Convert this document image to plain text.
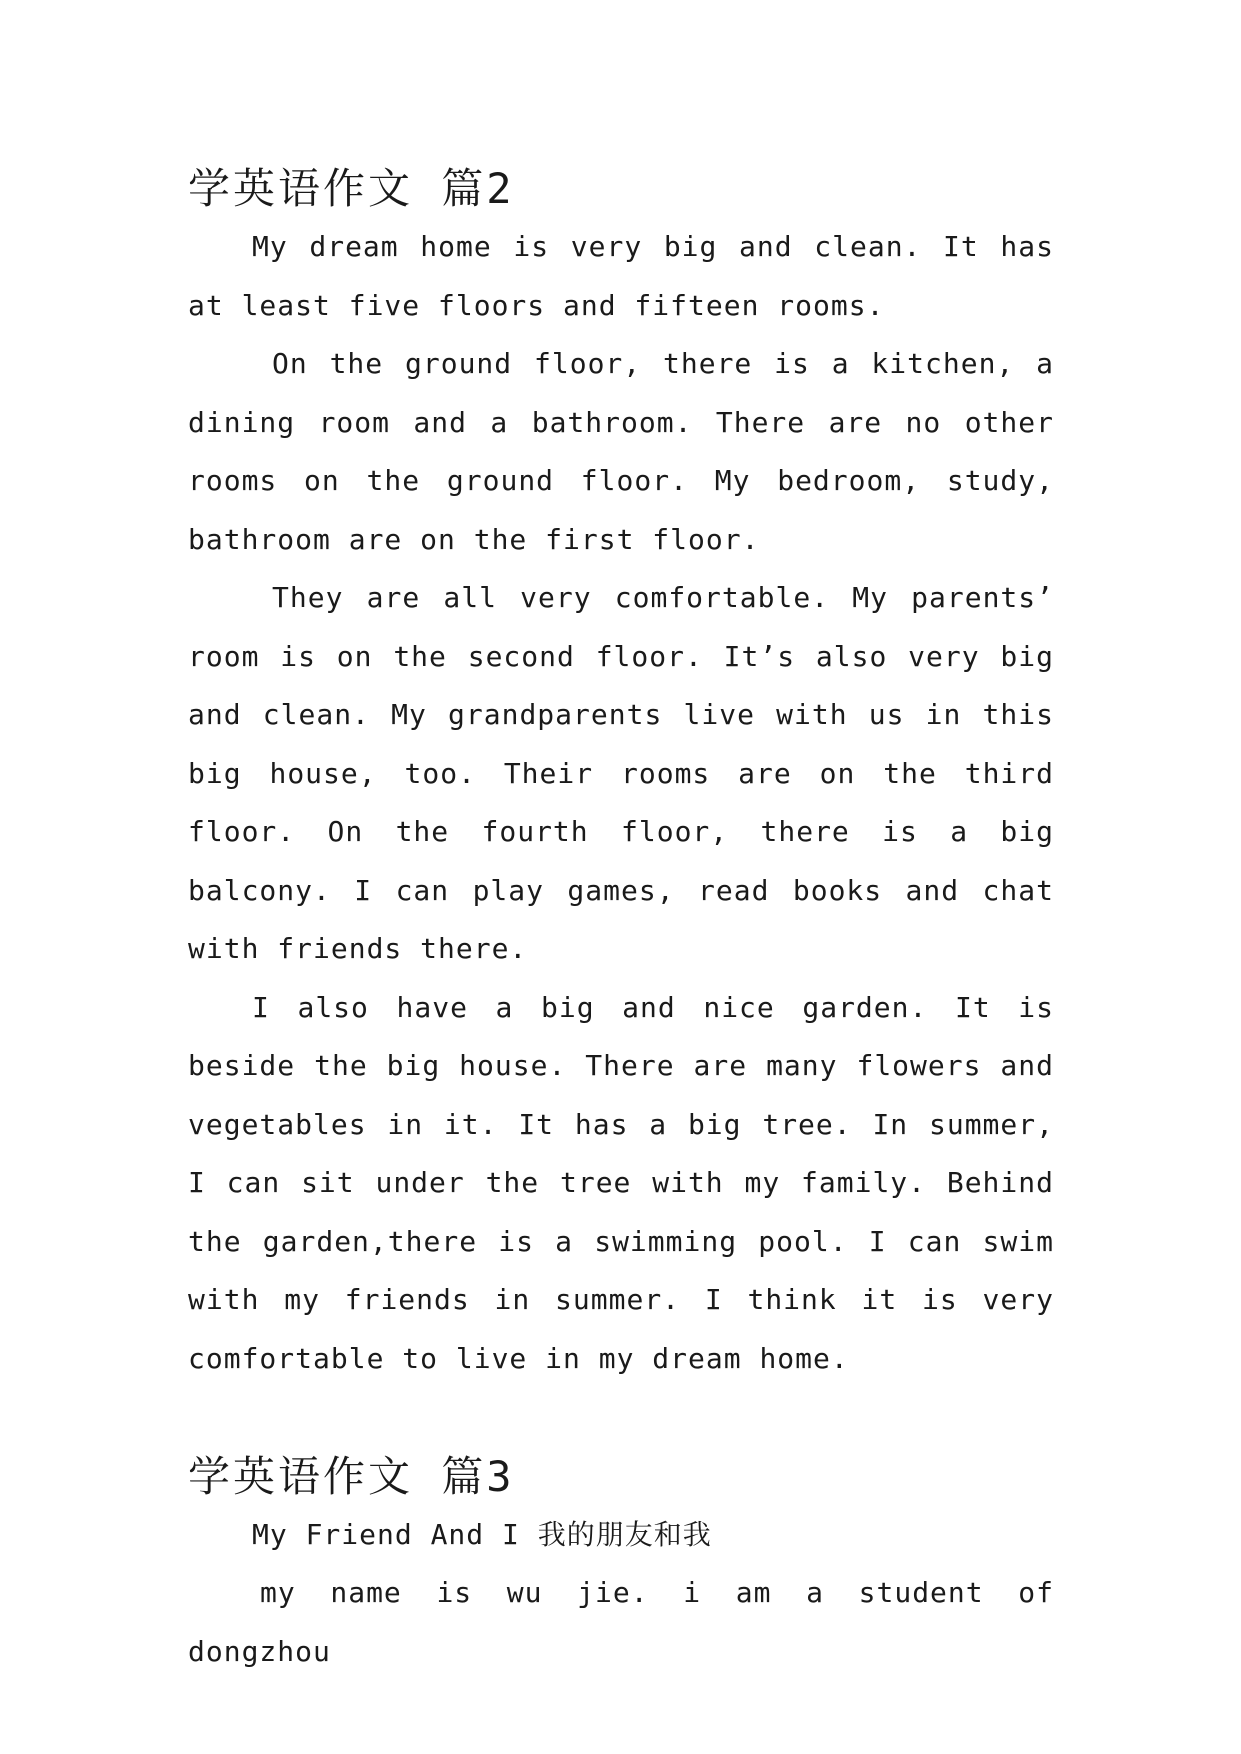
学英语作文 篇2

My dream home is very big and clean. It has at least five floors and fifteen rooms.

On the ground floor, there is a kitchen, a dining room and a bathroom. There are no other rooms on the ground floor. My bedroom, study, bathroom are on the first floor.

They are all very comfortable. My parents’ room is on the second floor. It’s also very big and clean. My grandparents live with us in this big house, too. Their rooms are on the third floor. On the fourth floor, there is a big balcony. I can play games, read books and chat with friends there.

I also have a big and nice garden. It is beside the big house. There are many flowers and vegetables in it. It has a big tree. In summer, I can sit under the tree with my family. Behind the garden,there is a swimming pool. I can swim with my friends in summer. I think it is very comfortable to live in my dream home.

学英语作文 篇3

My Friend And I 我的朋友和我

my name is wu jie. i am a student of dongzhou
